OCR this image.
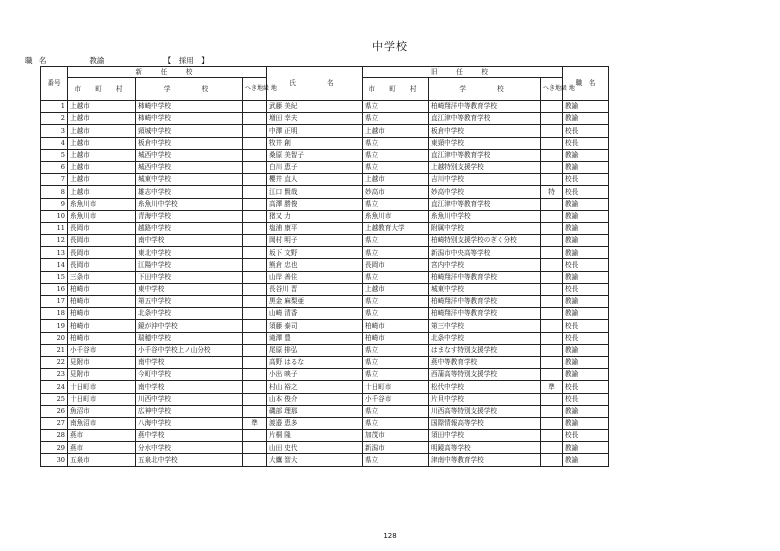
中学校
職 名	教諭	【　採用　】
番号	新　任　校			氏　　名	旧　任　校			職　名
	市 町 村	学　　校	へき地級 地		市 町 村	学　　校	へき地級 地	
1	上越市	柿崎中学校		武藤 美紀	県立	柏崎翔洋中等教育学校		教諭
2	上越市	柿崎中学校		増田 幸夫	県立	直江津中等教育学校		教諭
3	上越市	頸城中学校		中澤 正明	上越市	板倉中学校		校長
4	上越市	板倉中学校		牧井 創	県立	東頸中学校		校長
5	上越市	城西中学校		桑原 美智子	県立	直江津中等教育学校		教諭
6	上越市	城西中学校		白川 恵子	県立	上越特別支援学校		教諭
7	上越市	城東中学校		櫻井 直人	上越市	吉川中学校		校長
8	上越市	雄志中学校		江口 賢哉	妙高市	妙高中学校	特	校長
9	糸魚川市	糸魚川中学校		高澤 勝俊	県立	直江津中等教育学校		教諭
10	糸魚川市	青海中学校		猪又 力	糸魚川市	糸魚川中学校		教諭
11	長岡市	越路中学校		塩浦 康平	上越教育大学	附属中学校		教諭
12	長岡市	南中学校		岡村 明子	県立	柏崎特別支援学校のぎく分校		教諭
13	長岡市	東北中学校		坂下 文野	県立	新潟市中央高等学校		教諭
14	長岡市	江陽中学校		熊倉 忠也	長岡市	宮内中学校		校長
15	三条市	下田中学校		山岸 善住	県立	柏崎翔洋中等教育学校		教諭
16	柏崎市	東中学校		長谷川 晋	上越市	城東中学校		校長
17	柏崎市	第五中学校		黒金 麻梨亜	県立	柏崎翔洋中等教育学校		教諭
18	柏崎市	北条中学校		山崎 清香	県立	柏崎翔洋中等教育学校		教諭
19	柏崎市	鏡が沖中学校		須藤 泰司	柏崎市	第三中学校		校長
20	柏崎市	瑞穂中学校		滝澤 豊	柏崎市	北条中学校		校長
21	小千谷市	小千谷中学校上ノ山分校		尾原 排弘	県立	はまなす特別支援学校		教諭
22	見附市	南中学校		高野 はるな	県立	燕中等教育学校		教諭
23	見附市	今町中学校		小出 映子	県立	西蒲高等特別支援学校		教諭
24	十日町市	南中学校		村山 裕之	十日町市	松代中学校	準	校長
25	十日町市	川西中学校		山本 俊介	小千谷市	片貝中学校		校長
26	魚沼市	広神中学校		磯部 理那	県立	川西高等特別支援学校		教諭
27	南魚沼市	八海中学校	準	渡邉 恵多	県立	国際情報高等学校		教諭
28	燕市	燕中学校		片桐 隆	加茂市	須田中学校		校長
29	燕市	分水中学校		山田 史代	新潟市	明鏡高等学校		教諭
30	五泉市	五泉北中学校		大鷹 智大	県立	津南中等教育学校		教諭
128
